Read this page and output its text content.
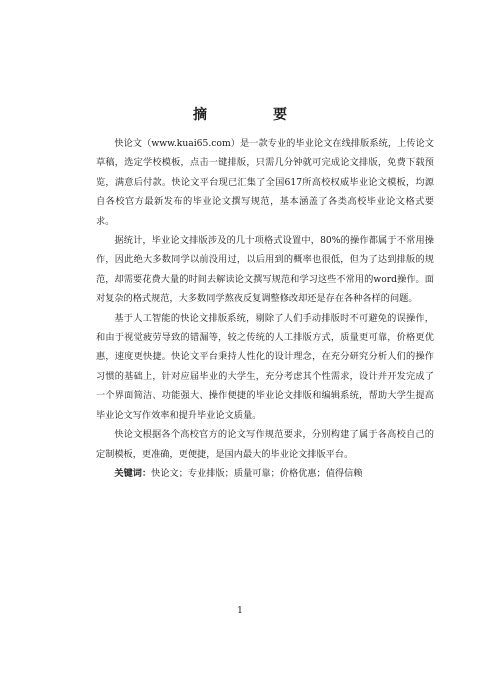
摘　要

快论文（www.kuai65.com）是一款专业的毕业论文在线排版系统，上传论文草稿，选定学校模板，点击一键排版，只需几分钟就可完成论文排版，免费下载预览，满意后付款。快论文平台现已汇集了全国617所高校权威毕业论文模板，均源自各校官方最新发布的毕业论文撰写规范，基本涵盖了各类高校毕业论文格式要求。

据统计，毕业论文排版涉及的几十项格式设置中，80%的操作都属于不常用操作，因此绝大多数同学以前没用过，以后用到的概率也很低，但为了达到排版的规范，却需要花费大量的时间去解读论文撰写规范和学习这些不常用的word操作。面对复杂的格式规范，大多数同学熬夜反复调整修改却还是存在各种各样的问题。

基于人工智能的快论文排版系统，剔除了人们手动排版时不可避免的误操作，和由于视觉疲劳导致的错漏等，较之传统的人工排版方式，质量更可靠，价格更优惠，速度更快捷。快论文平台秉持人性化的设计理念，在充分研究分析人们的操作习惯的基础上，针对应届毕业的大学生，充分考虑其个性需求，设计并开发完成了一个界面简洁、功能强大、操作便捷的毕业论文排版和编辑系统，帮助大学生提高毕业论文写作效率和提升毕业论文质量。

快论文根据各个高校官方的论文写作规范要求，分别构建了属于各高校自己的定制模板，更准确，更便捷，是国内最大的毕业论文排版平台。

关键词：快论文；专业排版；质量可靠；价格优惠；值得信赖

1
